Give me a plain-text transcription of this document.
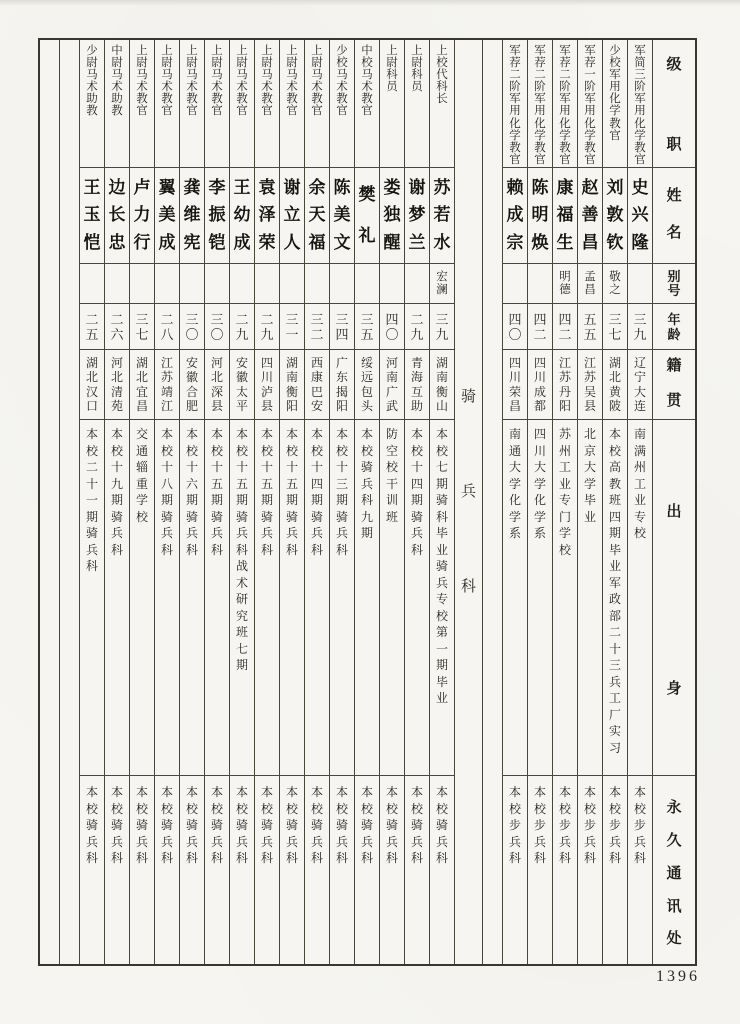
级
职
姓
名
别
号
年
龄
籍
贯
出
身
永
久
通
讯
处
军
简
三
阶
军
用
化
学
教
官
史
兴
隆
三
九
辽
宁
大
连
南
满
州
工
业
专
校
本
校
步
兵
科
少
校
军
用
化
学
教
官
刘
敦
钦
敬
之
三
七
湖
北
黄
陂
本
校
高
教
班
四
期
毕
业
军
政
部
二
十
三
兵
工
厂
实
习
本
校
步
兵
科
军
荐
一
阶
军
用
化
学
教
官
赵
善
昌
孟
昌
五
五
江
苏
吴
县
北
京
大
学
毕
业
本
校
步
兵
科
军
荐
二
阶
军
用
化
学
教
官
康
福
生
明
德
四
二
江
苏
丹
阳
苏
州
工
业
专
门
学
校
本
校
步
兵
科
军
荐
二
阶
军
用
化
学
教
官
陈
明
焕
四
二
四
川
成
都
四
川
大
学
化
学
系
本
校
步
兵
科
军
荐
二
阶
军
用
化
学
教
官
赖
成
宗
四
〇
四
川
荣
昌
南
通
大
学
化
学
系
本
校
步
兵
科
骑
兵
科
上
校
代
科
长
苏
若
水
宏
澜
三
九
湖
南
衡
山
本
校
七
期
骑
科
毕
业
骑
兵
专
校
第
一
期
毕
业
本
校
骑
兵
科
上
尉
科
员
谢
梦
兰
二
九
青
海
互
助
本
校
十
四
期
骑
兵
科
本
校
骑
兵
科
上
尉
科
员
娄
独
醒
四
〇
河
南
广
武
防
空
校
干
训
班
本
校
骑
兵
科
中
校
马
术
教
官
樊
礼
三
五
绥
远
包
头
本
校
骑
兵
科
九
期
本
校
骑
兵
科
少
校
马
术
教
官
陈
美
文
三
四
广
东
揭
阳
本
校
十
三
期
骑
兵
科
本
校
骑
兵
科
上
尉
马
术
教
官
余
天
福
三
二
西
康
巴
安
本
校
十
四
期
骑
兵
科
本
校
骑
兵
科
上
尉
马
术
教
官
谢
立
人
三
一
湖
南
衡
阳
本
校
十
五
期
骑
兵
科
本
校
骑
兵
科
上
尉
马
术
教
官
袁
泽
荣
二
九
四
川
泸
县
本
校
十
五
期
骑
兵
科
本
校
骑
兵
科
上
尉
马
术
教
官
王
幼
成
二
九
安
徽
太
平
本
校
十
五
期
骑
兵
科
战
术
研
究
班
七
期
本
校
骑
兵
科
上
尉
马
术
教
官
李
振
铠
三
〇
河
北
深
县
本
校
十
五
期
骑
兵
科
本
校
骑
兵
科
上
尉
马
术
教
官
龚
维
宪
三
〇
安
徽
合
肥
本
校
十
六
期
骑
兵
科
本
校
骑
兵
科
上
尉
马
术
教
官
翼
美
成
二
八
江
苏
靖
江
本
校
十
八
期
骑
兵
科
本
校
骑
兵
科
上
尉
马
术
教
官
卢
力
行
三
七
湖
北
宜
昌
交
通
辎
重
学
校
本
校
骑
兵
科
中
尉
马
术
助
教
边
长
忠
二
六
河
北
清
苑
本
校
十
九
期
骑
兵
科
本
校
骑
兵
科
少
尉
马
术
助
教
王
玉
恺
二
五
湖
北
汉
口
本
校
二
十
一
期
骑
兵
科
本
校
骑
兵
科
1396
